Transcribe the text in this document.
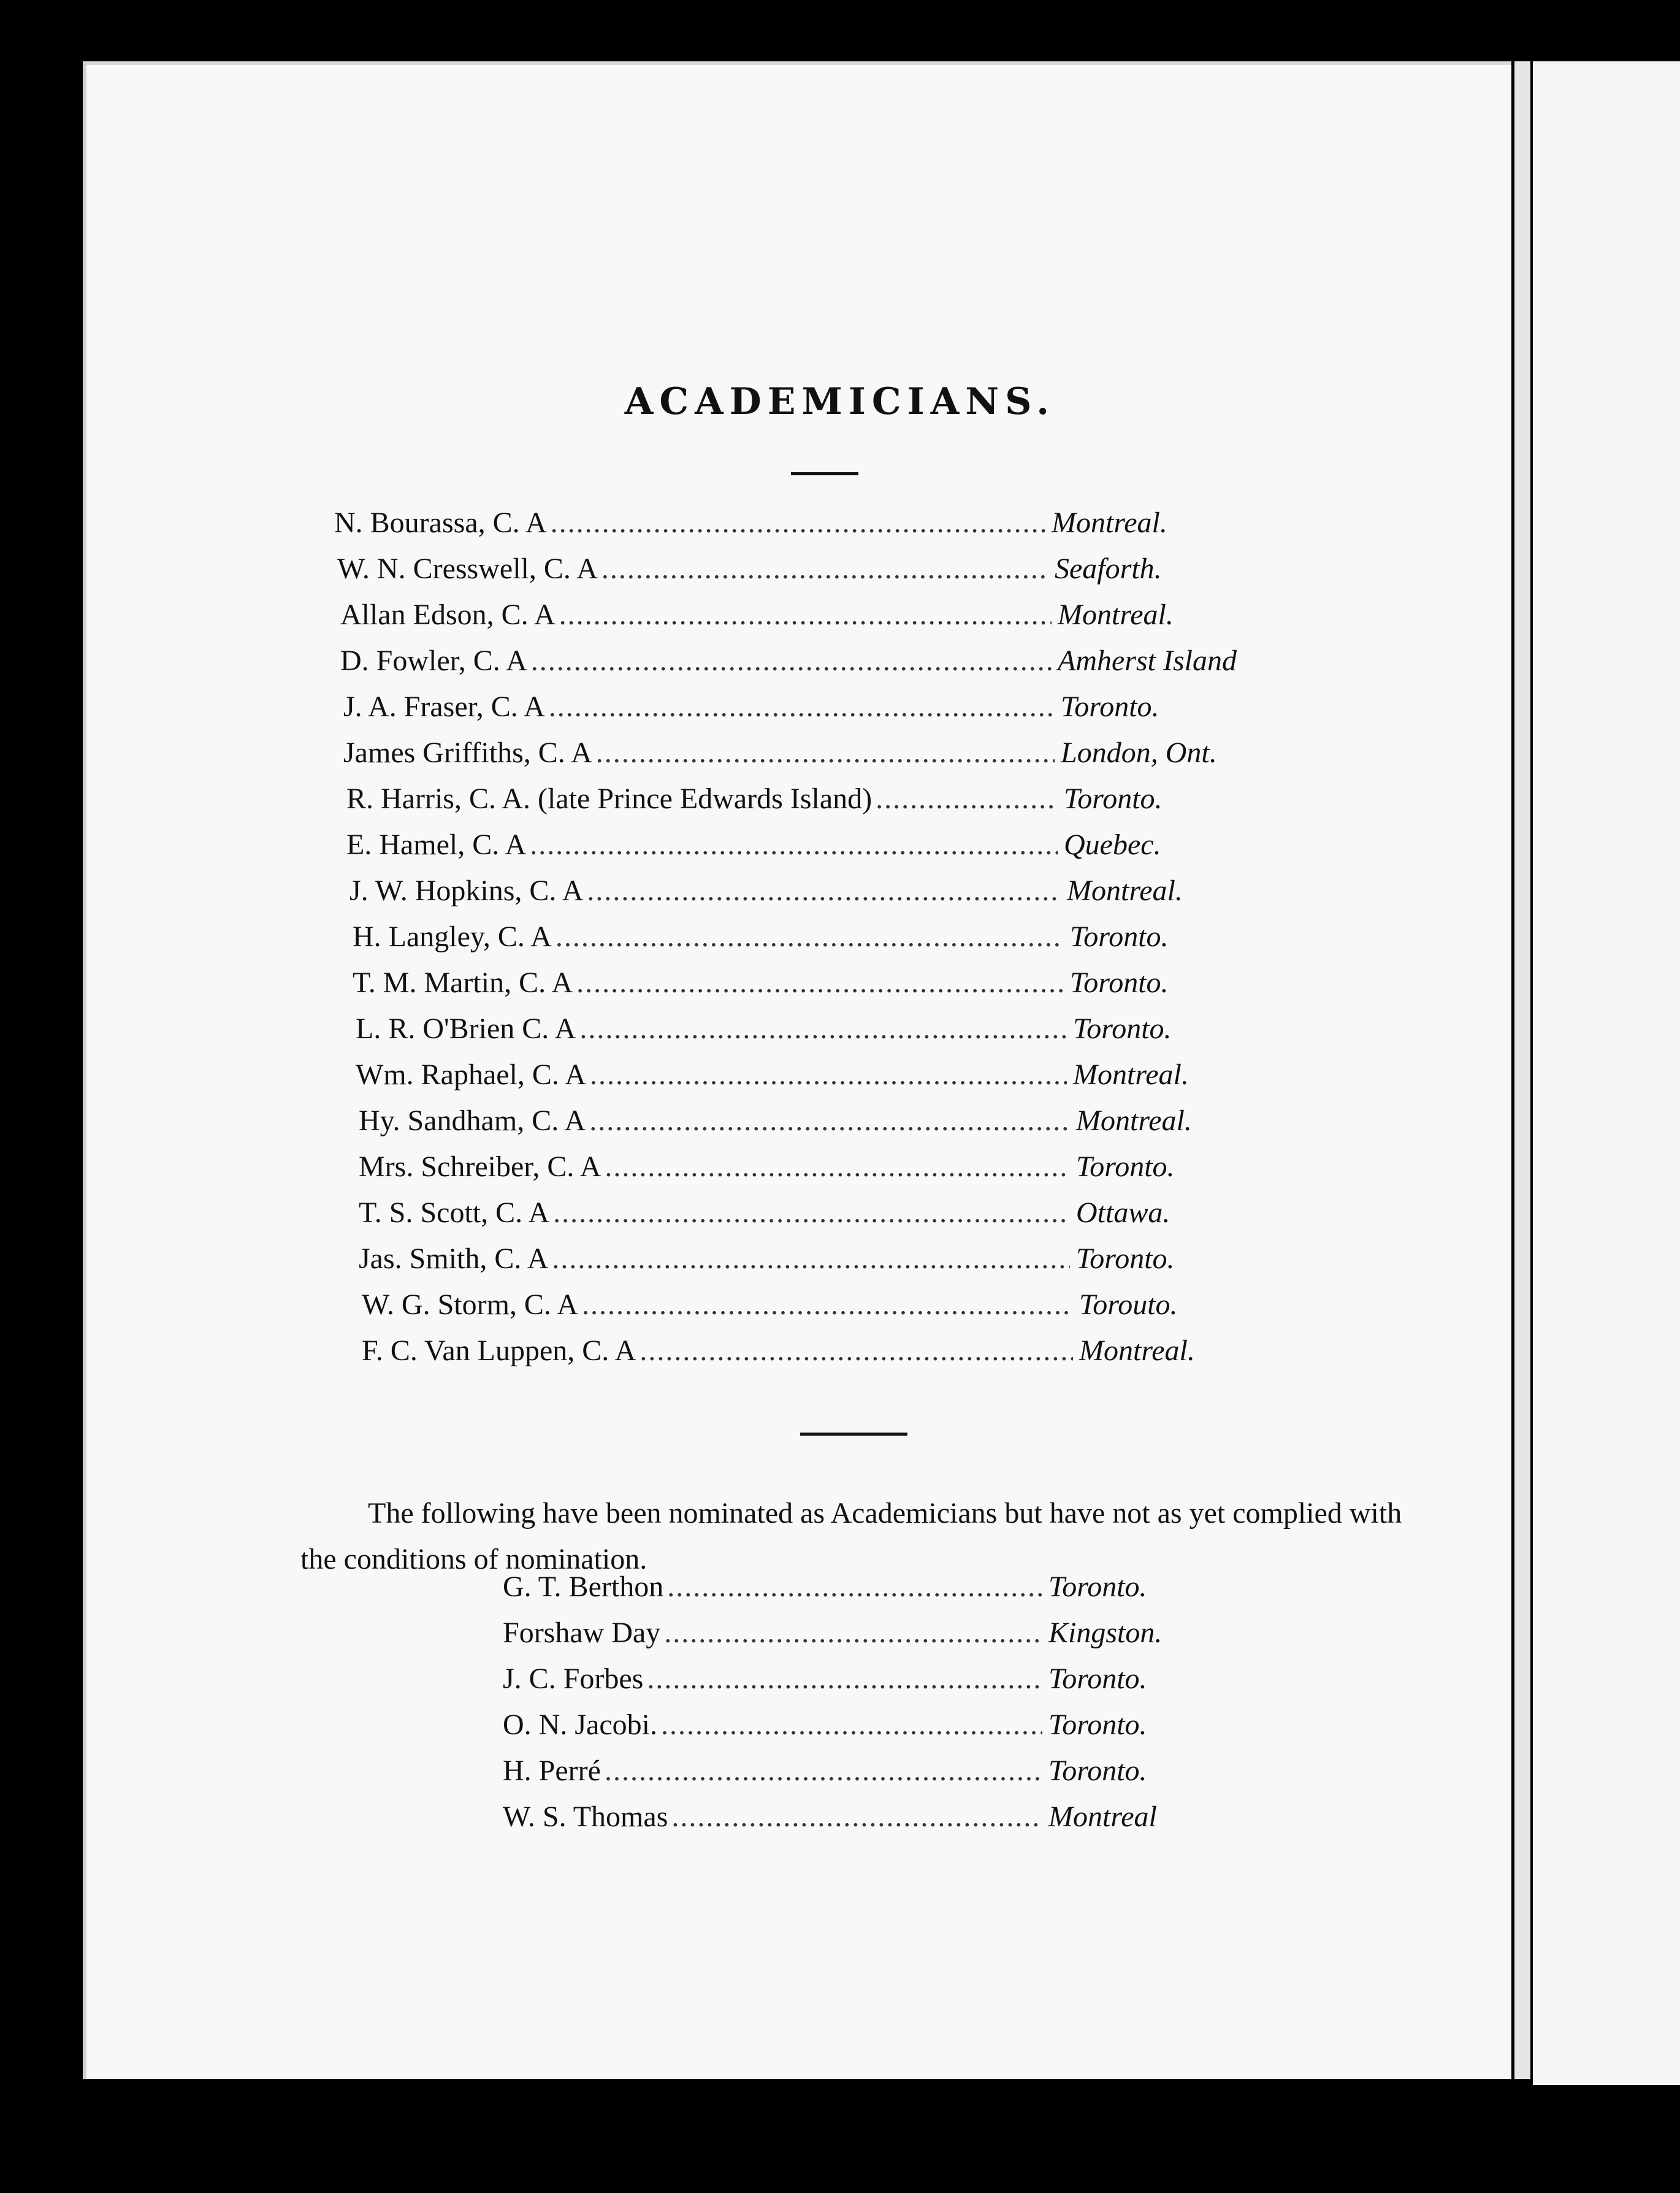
ACADEMICIANS.
N. Bourassa, C. A .....	Montreal.
W. N. Cresswell, C. A .....	Seaforth.
Allan Edson, C. A .....	Montreal.
D. Fowler, C. A .....	Amherst Island
J. A. Fraser, C. A .....	Toronto.
James Griffiths, C. A .....	London, Ont.
R. Harris, C. A. (late Prince Edwards Island) .....	Toronto.
E. Hamel, C. A .....	Quebec.
J. W. Hopkins, C. A .....	Montreal.
H. Langley, C. A .....	Toronto.
T. M. Martin, C. A .....	Toronto.
L. R. O'Brien C. A .....	Toronto.
Wm. Raphael, C. A .....	Montreal.
Hy. Sandham, C. A .....	Montreal.
Mrs. Schreiber, C. A .....	Toronto.
T. S. Scott, C. A .....	Ottawa.
Jas. Smith, C. A .....	Toronto.
W. G. Storm, C. A .....	Torouto.
F. C. Van Luppen, C. A .....	Montreal.
The following have been nominated as Academicians but have not as yet complied with the conditions of nomination.
G. T. Berthon .....	Toronto.
Forshaw Day .....	Kingston.
J. C. Forbes .....	Toronto.
O. N. Jacobi. .....	Toronto.
H. Perré .....	Toronto.
W. S. Thomas .....	Montreal
